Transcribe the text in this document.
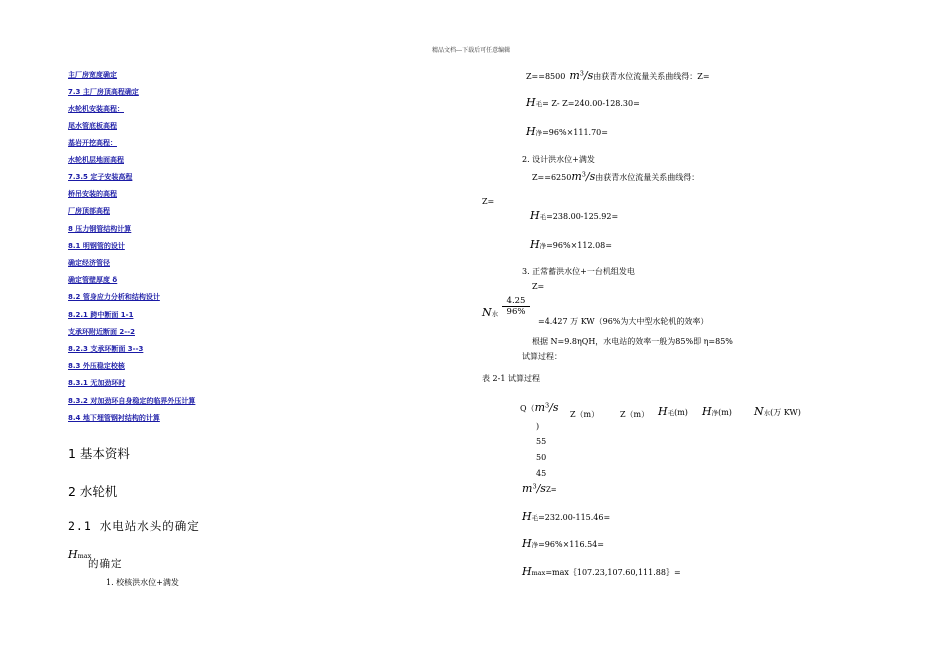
精品文档---下载后可任意编辑
主厂房宽度确定
7.3 主厂房顶高程确定
水轮机安装高程：
尾水管底板高程
基岩开挖高程：
水轮机层地面高程
7.3.5 定子安装高程
桥吊安装的高程
厂房顶部高程
8 压力钢管结构计算
8.1 明钢管的设计
确定经济管径
确定管壁厚度 δ
8.2 管身应力分析和结构设计
8.2.1 跨中断面 1-1
支承环附近断面 2--2
8.2.3 支承环断面 3--3
8.3 外压稳定校核
8.3.1 无加劲环时
8.3.2 对加劲环自身稳定的临界外压计算
8.4 地下埋管钢衬结构的计算
1 基本资料
2 水轮机
2.1 水电站水头的确定
Hmax
的确定
1. 校核洪水位+满发
Z==8500 $m^3/s$由获青水位流量关系曲线得：Z=
H毛= Z- Z=240.00-128.30=
H净=96%×111.70=
2. 设计洪水位+满发
$Z==6250m^3/s$由获青水位流量关系曲线得：
Z=
H毛=238.00-125.92=
H净=96%×112.08=
3. 正常蓄洪水位+一台机组发电
Z=
N水 $\frac{4.25}{96\%}$
=4.427 万 KW（96%为大中型水轮机的效率）
根据 N=9.8ηQH，水电站的效率一般为85%即 η=85%
试算过程：
表 2-1 试算过程
$Q(m^3/s$
Z（m）	Z（m） H毛(m) H净(m) N水(万 KW)
)
55
50
45
$m^3/sZ=$
H毛=232.00-115.46=
H净=96%×116.54=
Hmax=max｛107.23,107.60,111.88｝=
